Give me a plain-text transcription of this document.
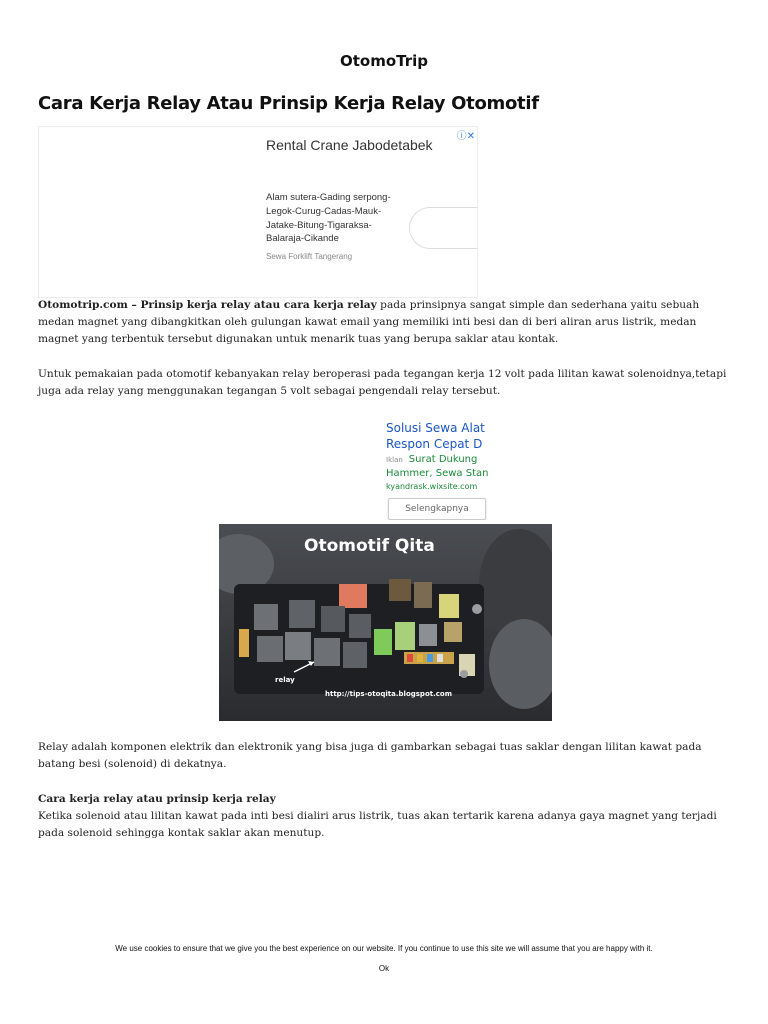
OtomoTrip
Cara Kerja Relay Atau Prinsip Kerja Relay Otomotif
ⓘ✕
Rental Crane Jabodetabek
Alam sutera-Gading serpong-Legok-Curug-Cadas-Mauk-Jatake-Bitung-Tigaraksa-Balaraja-Cikande
Sewa Forklift Tangerang
Otomotrip.com – Prinsip kerja relay atau cara kerja relay pada prinsipnya sangat simple dan sederhana yaitu sebuah medan magnet yang dibangkitkan oleh gulungan kawat email yang memiliki inti besi dan di beri aliran arus listrik, medan magnet yang terbentuk tersebut digunakan untuk menarik tuas yang berupa saklar atau kontak.
Untuk pemakaian pada otomotif kebanyakan relay beroperasi pada tegangan kerja 12 volt pada lilitan kawat solenoidnya,tetapi juga ada relay yang menggunakan tegangan 5 volt sebagai pengendali relay tersebut.
Solusi Sewa Alat
Respon Cepat D
Iklan Surat Dukung
Hammer, Sewa Stan
kyandrask.wixsite.com
Selengkapnya
Otomotif Qita
relay
http://tips-otoqita.blogspot.com
Relay adalah komponen elektrik dan elektronik yang bisa juga di gambarkan sebagai tuas saklar dengan lilitan kawat pada batang besi (solenoid) di dekatnya.
Cara kerja relay atau prinsip kerja relay
Ketika solenoid atau lilitan kawat pada inti besi dialiri arus listrik, tuas akan tertarik karena adanya gaya magnet yang terjadi pada solenoid sehingga kontak saklar akan menutup.
We use cookies to ensure that we give you the best experience on our website. If you continue to use this site we will assume that you are happy with it.
Ok
